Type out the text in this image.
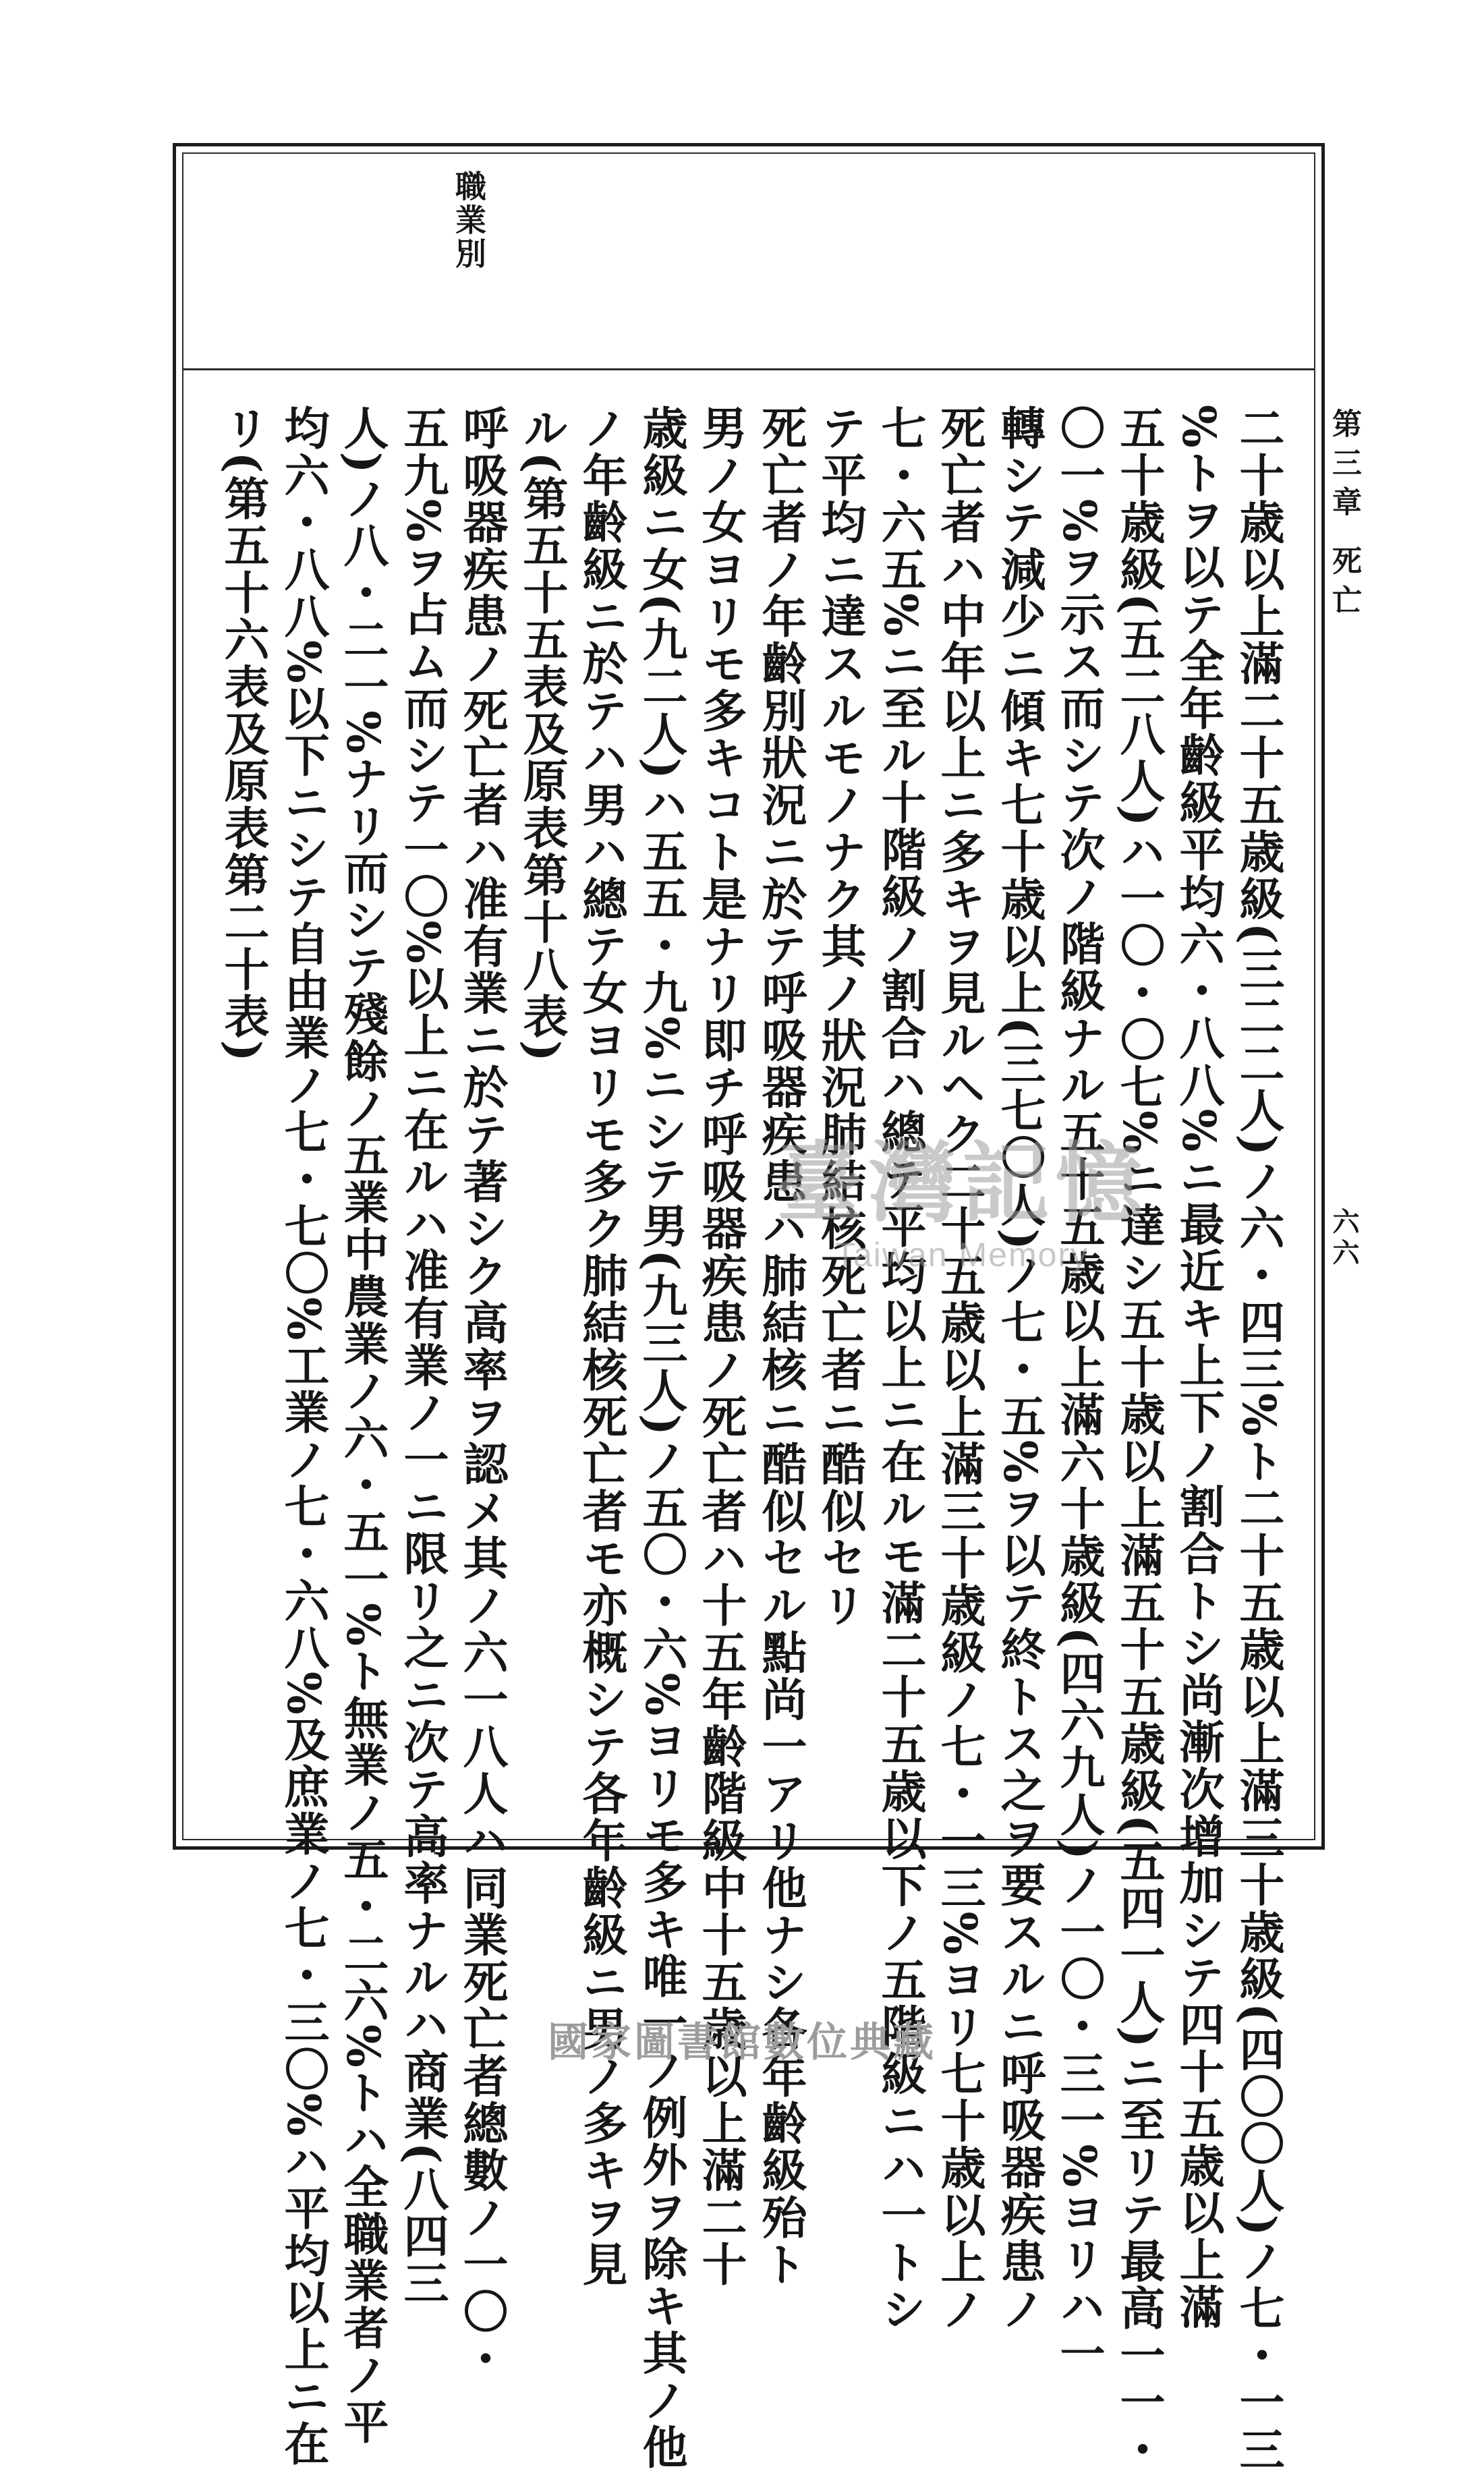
第三章 死亡

六六

職業別

二十歳以上滿二十五歳級(三二二人)ノ六・四三%ト二十五歳以上滿三十歳級(四〇〇人)ノ七・一三

%トヲ以テ全年齡級平均六・八八%ニ最近キ上下ノ割合トシ尚漸次增加シテ四十五歳以上滿

五十歳級(五二八人)ハ一〇・〇七%ニ達シ五十歳以上滿五十五歳級(五四一人)ニ至リテ最高一一・

〇一%ヲ示ス而シテ次ノ階級ナル五十五歳以上滿六十歳級(四六九人)ノ一〇・三一%ヨリハ一

轉シテ減少ニ傾キ七十歳以上(三七〇人)ノ七・五%ヲ以テ終トス之ヲ要スルニ呼吸器疾患ノ

死亡者ハ中年以上ニ多キヲ見ルヘク二十五歳以上滿三十歳級ノ七・一三%ヨリ七十歳以上ノ

七・六五%ニ至ル十階級ノ割合ハ總テ平均以上ニ在ルモ滿二十五歳以下ノ五階級ニハ一トシ

テ平均ニ達スルモノナク其ノ狀況肺結核死亡者ニ酷似セリ

死亡者ノ年齡別狀況ニ於テ呼吸器疾患ハ肺結核ニ酷似セル點尚一アリ他ナシ各年齡級殆ト

男ノ女ヨリモ多キコト是ナリ即チ呼吸器疾患ノ死亡者ハ十五年齡階級中十五歳以上滿二十

歳級ニ女(九二人)ハ五五・九%ニシテ男(九三人)ノ五〇・六%ヨリモ多キ唯一ノ例外ヲ除キ其ノ他

ノ年齡級ニ於テハ男ハ總テ女ヨリモ多ク肺結核死亡者モ亦概シテ各年齡級ニ男ノ多キヲ見

ル(第五十五表及原表第十八表)

呼吸器疾患ノ死亡者ハ准有業ニ於テ著シク高率ヲ認メ其ノ六一八人ハ同業死亡者總數ノ一〇・

五九%ヲ占ム而シテ一〇%以上ニ在ルハ准有業ノ一ニ限リ之ニ次テ高率ナルハ商業(八四三

人)ノ八・二一%ナリ而シテ殘餘ノ五業中農業ノ六・五一%ト無業ノ五・二六%トハ全職業者ノ平

均六・八八%以下ニシテ自由業ノ七・七〇%工業ノ七・六八%及庶業ノ七・三〇%ハ平均以上ニ在

リ(第五十六表及原表第二十表)

臺灣記憶
Taiwan Memory
國家圖書館數位典藏
